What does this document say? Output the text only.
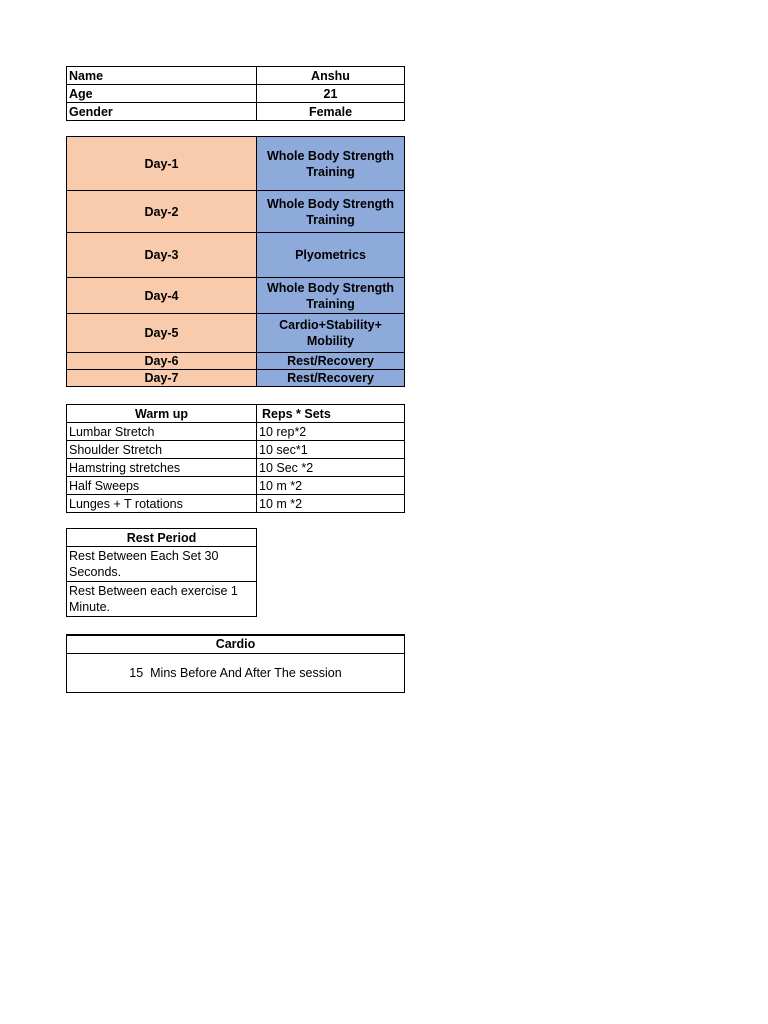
Name	Anshu
Age	21
Gender	Female
Day-1	Whole Body Strength Training
Day-2	Whole Body Strength Training
Day-3	Plyometrics
Day-4	Whole Body Strength Training
Day-5	Cardio+Stability+ Mobility
Day-6	Rest/Recovery
Day-7	Rest/Recovery
Warm up	Reps * Sets
Lumbar Stretch	10 rep*2
Shoulder Stretch	10 sec*1
Hamstring stretches	10 Sec *2
Half Sweeps	10 m *2
Lunges + T rotations	10 m *2
Rest Period
Rest Between Each Set 30 Seconds.
Rest Between each exercise 1 Minute.
Cardio
15  Mins Before And After The session
